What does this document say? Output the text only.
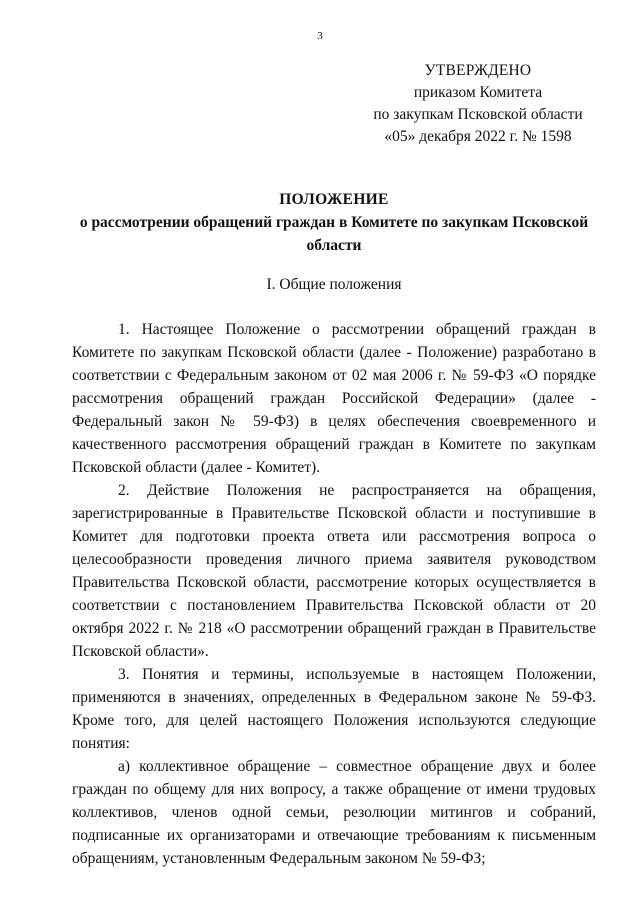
3
УТВЕРЖДЕНО
приказом Комитета
по закупкам Псковской области
«05» декабря 2022 г. № 1598
ПОЛОЖЕНИЕ
о рассмотрении обращений граждан в Комитете по закупкам Псковской области
I. Общие положения

1. Настоящее Положение о рассмотрении обращений граждан в Комитете по закупкам Псковской области (далее - Положение) разработано в соответствии с Федеральным законом от 02 мая 2006 г. № 59-ФЗ «О порядке рассмотрения обращений граждан Российской Федерации» (далее - Федеральный закон № 59-ФЗ) в целях обеспечения своевременного и качественного рассмотрения обращений граждан в Комитете по закупкам Псковской области (далее - Комитет).

2. Действие Положения не распространяется на обращения, зарегистрированные в Правительстве Псковской области и поступившие в Комитет для подготовки проекта ответа или рассмотрения вопроса о целесообразности проведения личного приема заявителя руководством Правительства Псковской области, рассмотрение которых осуществляется в соответствии с постановлением Правительства Псковской области от 20 октября 2022 г. № 218 «О рассмотрении обращений граждан в Правительстве Псковской области».

3. Понятия и термины, используемые в настоящем Положении, применяются в значениях, определенных в Федеральном законе № 59-ФЗ. Кроме того, для целей настоящего Положения используются следующие понятия:

а) коллективное обращение – совместное обращение двух и более граждан по общему для них вопросу, а также обращение от имени трудовых коллективов, членов одной семьи, резолюции митингов и собраний, подписанные их организаторами и отвечающие требованиям к письменным обращениям, установленным Федеральным законом № 59-ФЗ;
